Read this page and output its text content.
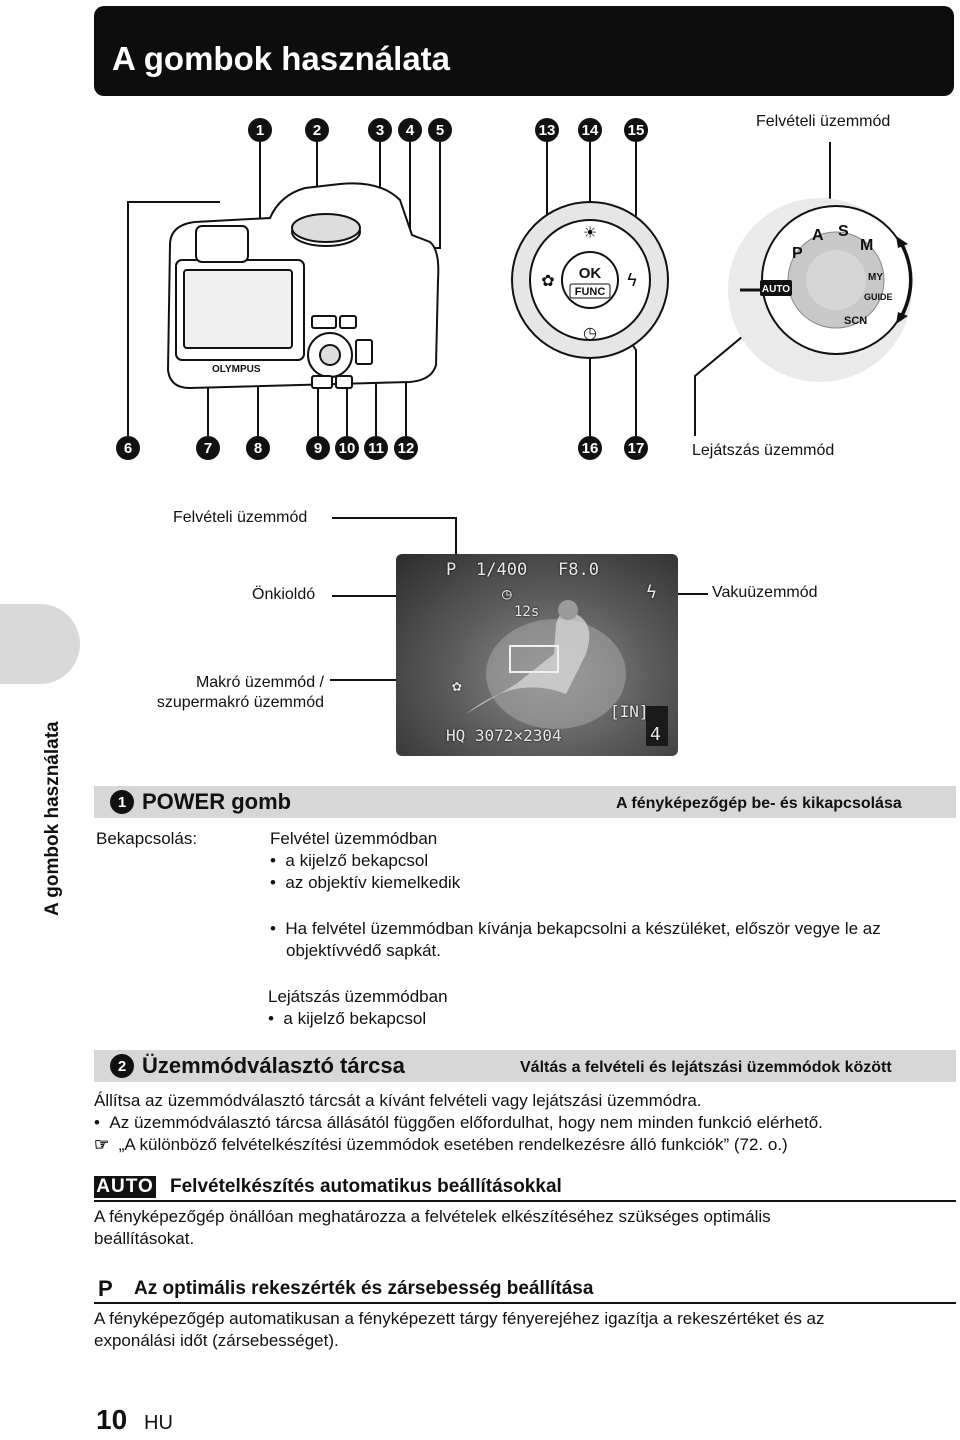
A gombok használata
A gombok használata
1	2	3	4	5	13 14 15	Felvételi üzemmód
6	7	8	9	10 11 12	16 17	Lejátszás üzemmód
OLYMPUS
OK
FUNC
☀
✿	ϟ
◷
AUTO
P
A S
M
MY
GUIDE
SCN
Felvételi üzemmód
Önkioldó
Makró üzemmód /
szupermakró üzemmód
Vakuüzemmód
P 1/400 F8.0
◷
12s
ϟ
✿
[IN]
HQ 3072×2304	4
1 POWER gomb	A fényképezőgép be- és kikapcsolása
Bekapcsolás:	Felvétel üzemmódban
•  a kijelző bekapcsol
•  az objektív kiemelkedik
•  Ha felvétel üzemmódban kívánja bekapcsolni a készüléket, először vegye le az
objektívvédő sapkát.
Lejátszás üzemmódban
•  a kijelző bekapcsol
2 Üzemmódválasztó tárcsa	Váltás a felvételi és lejátszási üzemmódok között
Állítsa az üzemmódválasztó tárcsát a kívánt felvételi vagy lejátszási üzemmódra.
•  Az üzemmódválasztó tárcsa állásától függően előfordulhat, hogy nem minden funkció elérhető.
☞ „A különböző felvételkészítési üzemmódok esetében rendelkezésre álló funkciók” (72. o.)
AUTO Felvételkészítés automatikus beállításokkal
A fényképezőgép önállóan meghatározza a felvételek elkészítéséhez szükséges optimális
beállításokat.
P Az optimális rekeszérték és zársebesség beállítása
A fényképezőgép automatikusan a fényképezett tárgy fényerejéhez igazítja a rekeszértéket és az
exponálási időt (zársebességet).
10 HU
